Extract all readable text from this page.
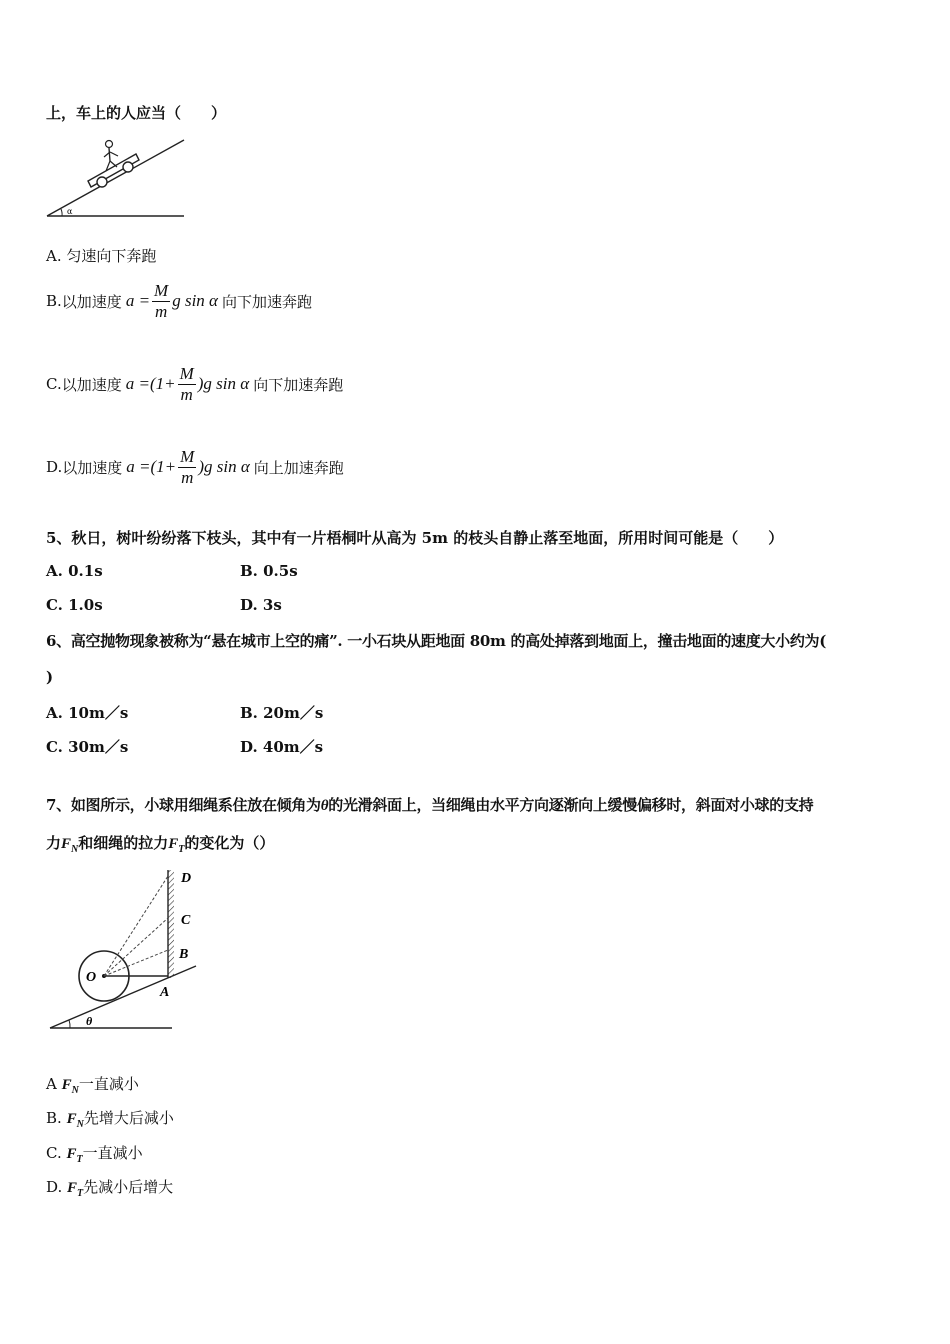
上，车上的人应当（　　）
α
A. 匀速向下奔跑
B. 以加速度 $a = \frac{M}{m}$ g sin α 向下加速奔跑
C. 以加速度 $a =(1+ \frac{M}{m} )g$ sin α 向下加速奔跑
D. 以加速度 $a =(1+ \frac{M}{m} )g$ sin α 向上加速奔跑
5、秋日，树叶纷纷落下枝头，其中有一片梧桐叶从高为 5m 的枝头自静止落至地面，所用时间可能是（　　）
A. 0.1s	B. 0.5s
C. 1.0s	D. 3s
6、高空抛物现象被称为“悬在城市上空的痛”. 一小石块从距地面 80m 的高处掉落到地面上，撞击地面的速度大小约为(
)
A. 10m／s	B. 20m／s
C. 30m／s	D. 40m／s
7、如图所示，小球用细绳系住放在倾角为θ的光滑斜面上，当细绳由水平方向逐渐向上缓慢偏移时，斜面对小球的支持
力$F_N$和细绳的拉力$F_T$的变化为（）
D
C
B
O
A
θ
A $F_N$一直减小
B. $F_N$先增大后减小
C. $F_T$一直减小
D. $F_T$先减小后增大
